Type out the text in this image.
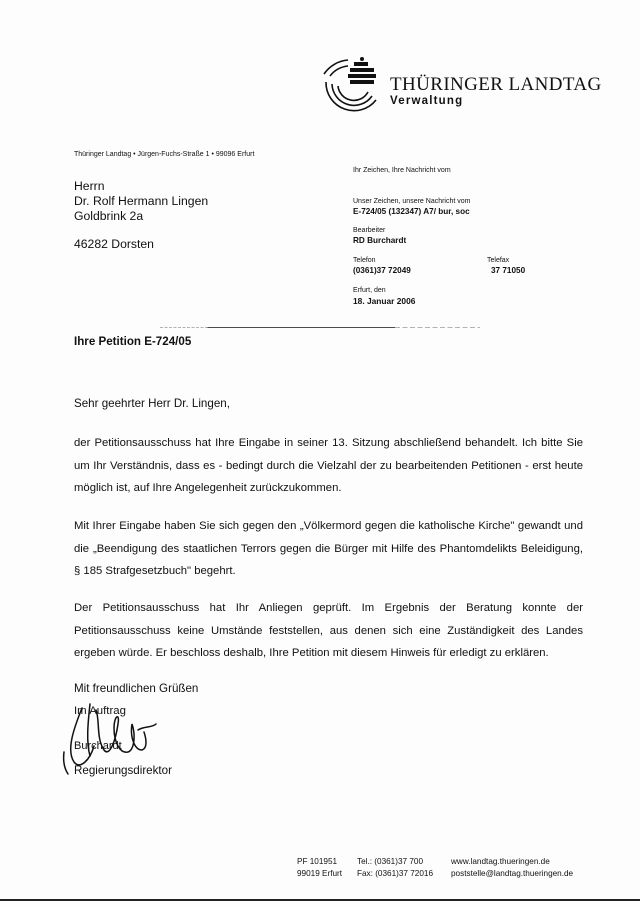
THÜRINGER LANDTAG
Verwaltung
Thüringer Landtag • Jürgen-Fuchs-Straße 1 • 99096 Erfurt
Herrn
Dr. Rolf Hermann Lingen
Goldbrink 2a
46282 Dorsten
Ihr Zeichen, Ihre Nachricht vom
Unser Zeichen, unsere Nachricht vom
E-724/05 (132347) A7/ bur, soc
Bearbeiter
RD Burchardt
Telefon
(0361)37 72049
Telefax
37 71050
Erfurt, den
18. Januar 2006
Ihre Petition E-724/05
Sehr geehrter Herr Dr. Lingen,
der Petitionsausschuss hat Ihre Eingabe in seiner 13. Sitzung abschließend behandelt. Ich bitte Sie um Ihr Verständnis, dass es - bedingt durch die Vielzahl der zu bearbeitenden Petitionen - erst heute möglich ist, auf Ihre Angelegenheit zurückzukommen.
Mit Ihrer Eingabe haben Sie sich gegen den „Völkermord gegen die katholische Kirche" gewandt und die „Beendigung des staatlichen Terrors gegen die Bürger mit Hilfe des Phantomdelikts Beleidigung, § 185 Strafgesetzbuch" begehrt.
Der Petitionsausschuss hat Ihr Anliegen geprüft. Im Ergebnis der Beratung konnte der Petitionsausschuss keine Umstände feststellen, aus denen sich eine Zuständigkeit des Landes ergeben würde. Er beschloss deshalb, Ihre Petition mit diesem Hinweis für erledigt zu erklären.
Mit freundlichen Grüßen
Im Auftrag
Burchardt
Regierungsdirektor
PF 101951
99019 Erfurt
Tel.: (0361)37 700
Fax: (0361)37 72016
www.landtag.thueringen.de
poststelle@landtag.thueringen.de
